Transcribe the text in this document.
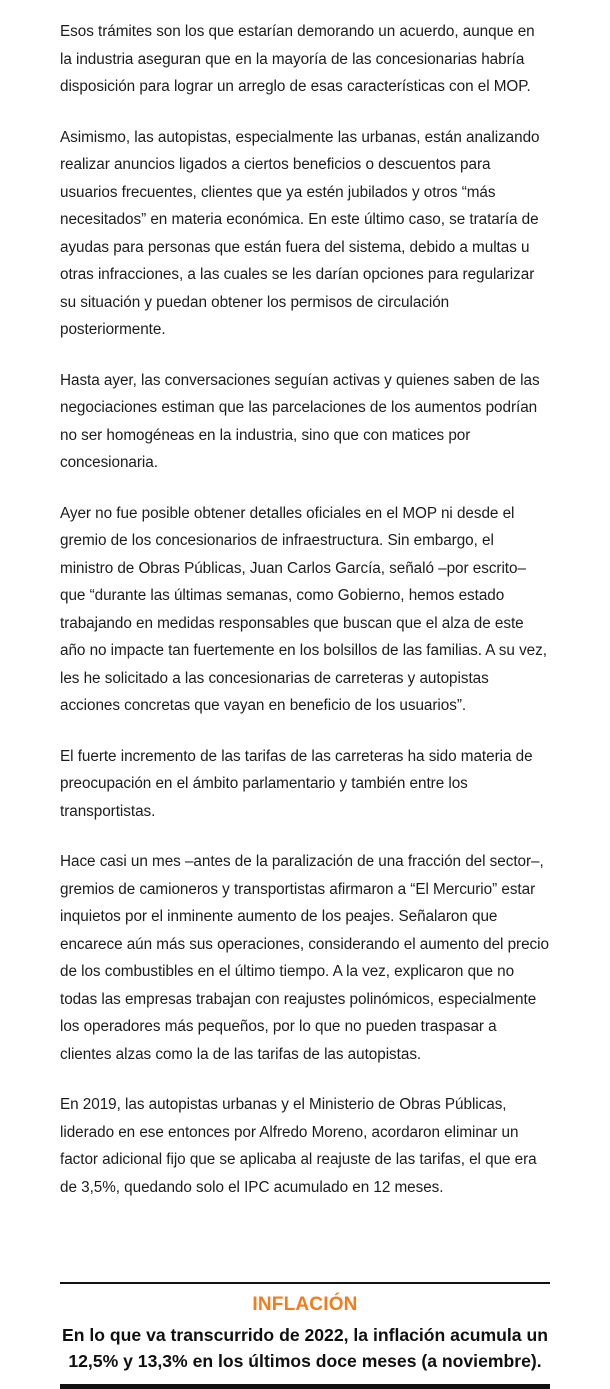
Esos trámites son los que estarían demorando un acuerdo, aunque en la industria aseguran que en la mayoría de las concesionarias habría disposición para lograr un arreglo de esas características con el MOP.

Asimismo, las autopistas, especialmente las urbanas, están analizando realizar anuncios ligados a ciertos beneficios o descuentos para usuarios frecuentes, clientes que ya estén jubilados y otros “más necesitados” en materia económica. En este último caso, se trataría de ayudas para personas que están fuera del sistema, debido a multas u otras infracciones, a las cuales se les darían opciones para regularizar su situación y puedan obtener los permisos de circulación posteriormente.

Hasta ayer, las conversaciones seguían activas y quienes saben de las negociaciones estiman que las parcelaciones de los aumentos podrían no ser homogéneas en la industria, sino que con matices por concesionaria.

Ayer no fue posible obtener detalles oficiales en el MOP ni desde el gremio de los concesionarios de infraestructura. Sin embargo, el ministro de Obras Públicas, Juan Carlos García, señaló –por escrito– que “durante las últimas semanas, como Gobierno, hemos estado trabajando en medidas responsables que buscan que el alza de este año no impacte tan fuertemente en los bolsillos de las familias. A su vez, les he solicitado a las concesionarias de carreteras y autopistas acciones concretas que vayan en beneficio de los usuarios”.

El fuerte incremento de las tarifas de las carreteras ha sido materia de preocupación en el ámbito parlamentario y también entre los transportistas.

Hace casi un mes –antes de la paralización de una fracción del sector–, gremios de camioneros y transportistas afirmaron a “El Mercurio” estar inquietos por el inminente aumento de los peajes. Señalaron que encarece aún más sus operaciones, considerando el aumento del precio de los combustibles en el último tiempo. A la vez, explicaron que no todas las empresas trabajan con reajustes polinómicos, especialmente los operadores más pequeños, por lo que no pueden traspasar a clientes alzas como la de las tarifas de las autopistas.

En 2019, las autopistas urbanas y el Ministerio de Obras Públicas, liderado en ese entonces por Alfredo Moreno, acordaron eliminar un factor adicional fijo que se aplicaba al reajuste de las tarifas, el que era de 3,5%, quedando solo el IPC acumulado en 12 meses.

INFLACIÓN
En lo que va transcurrido de 2022, la inflación acumula un 12,5% y 13,3% en los últimos doce meses (a noviembre).
